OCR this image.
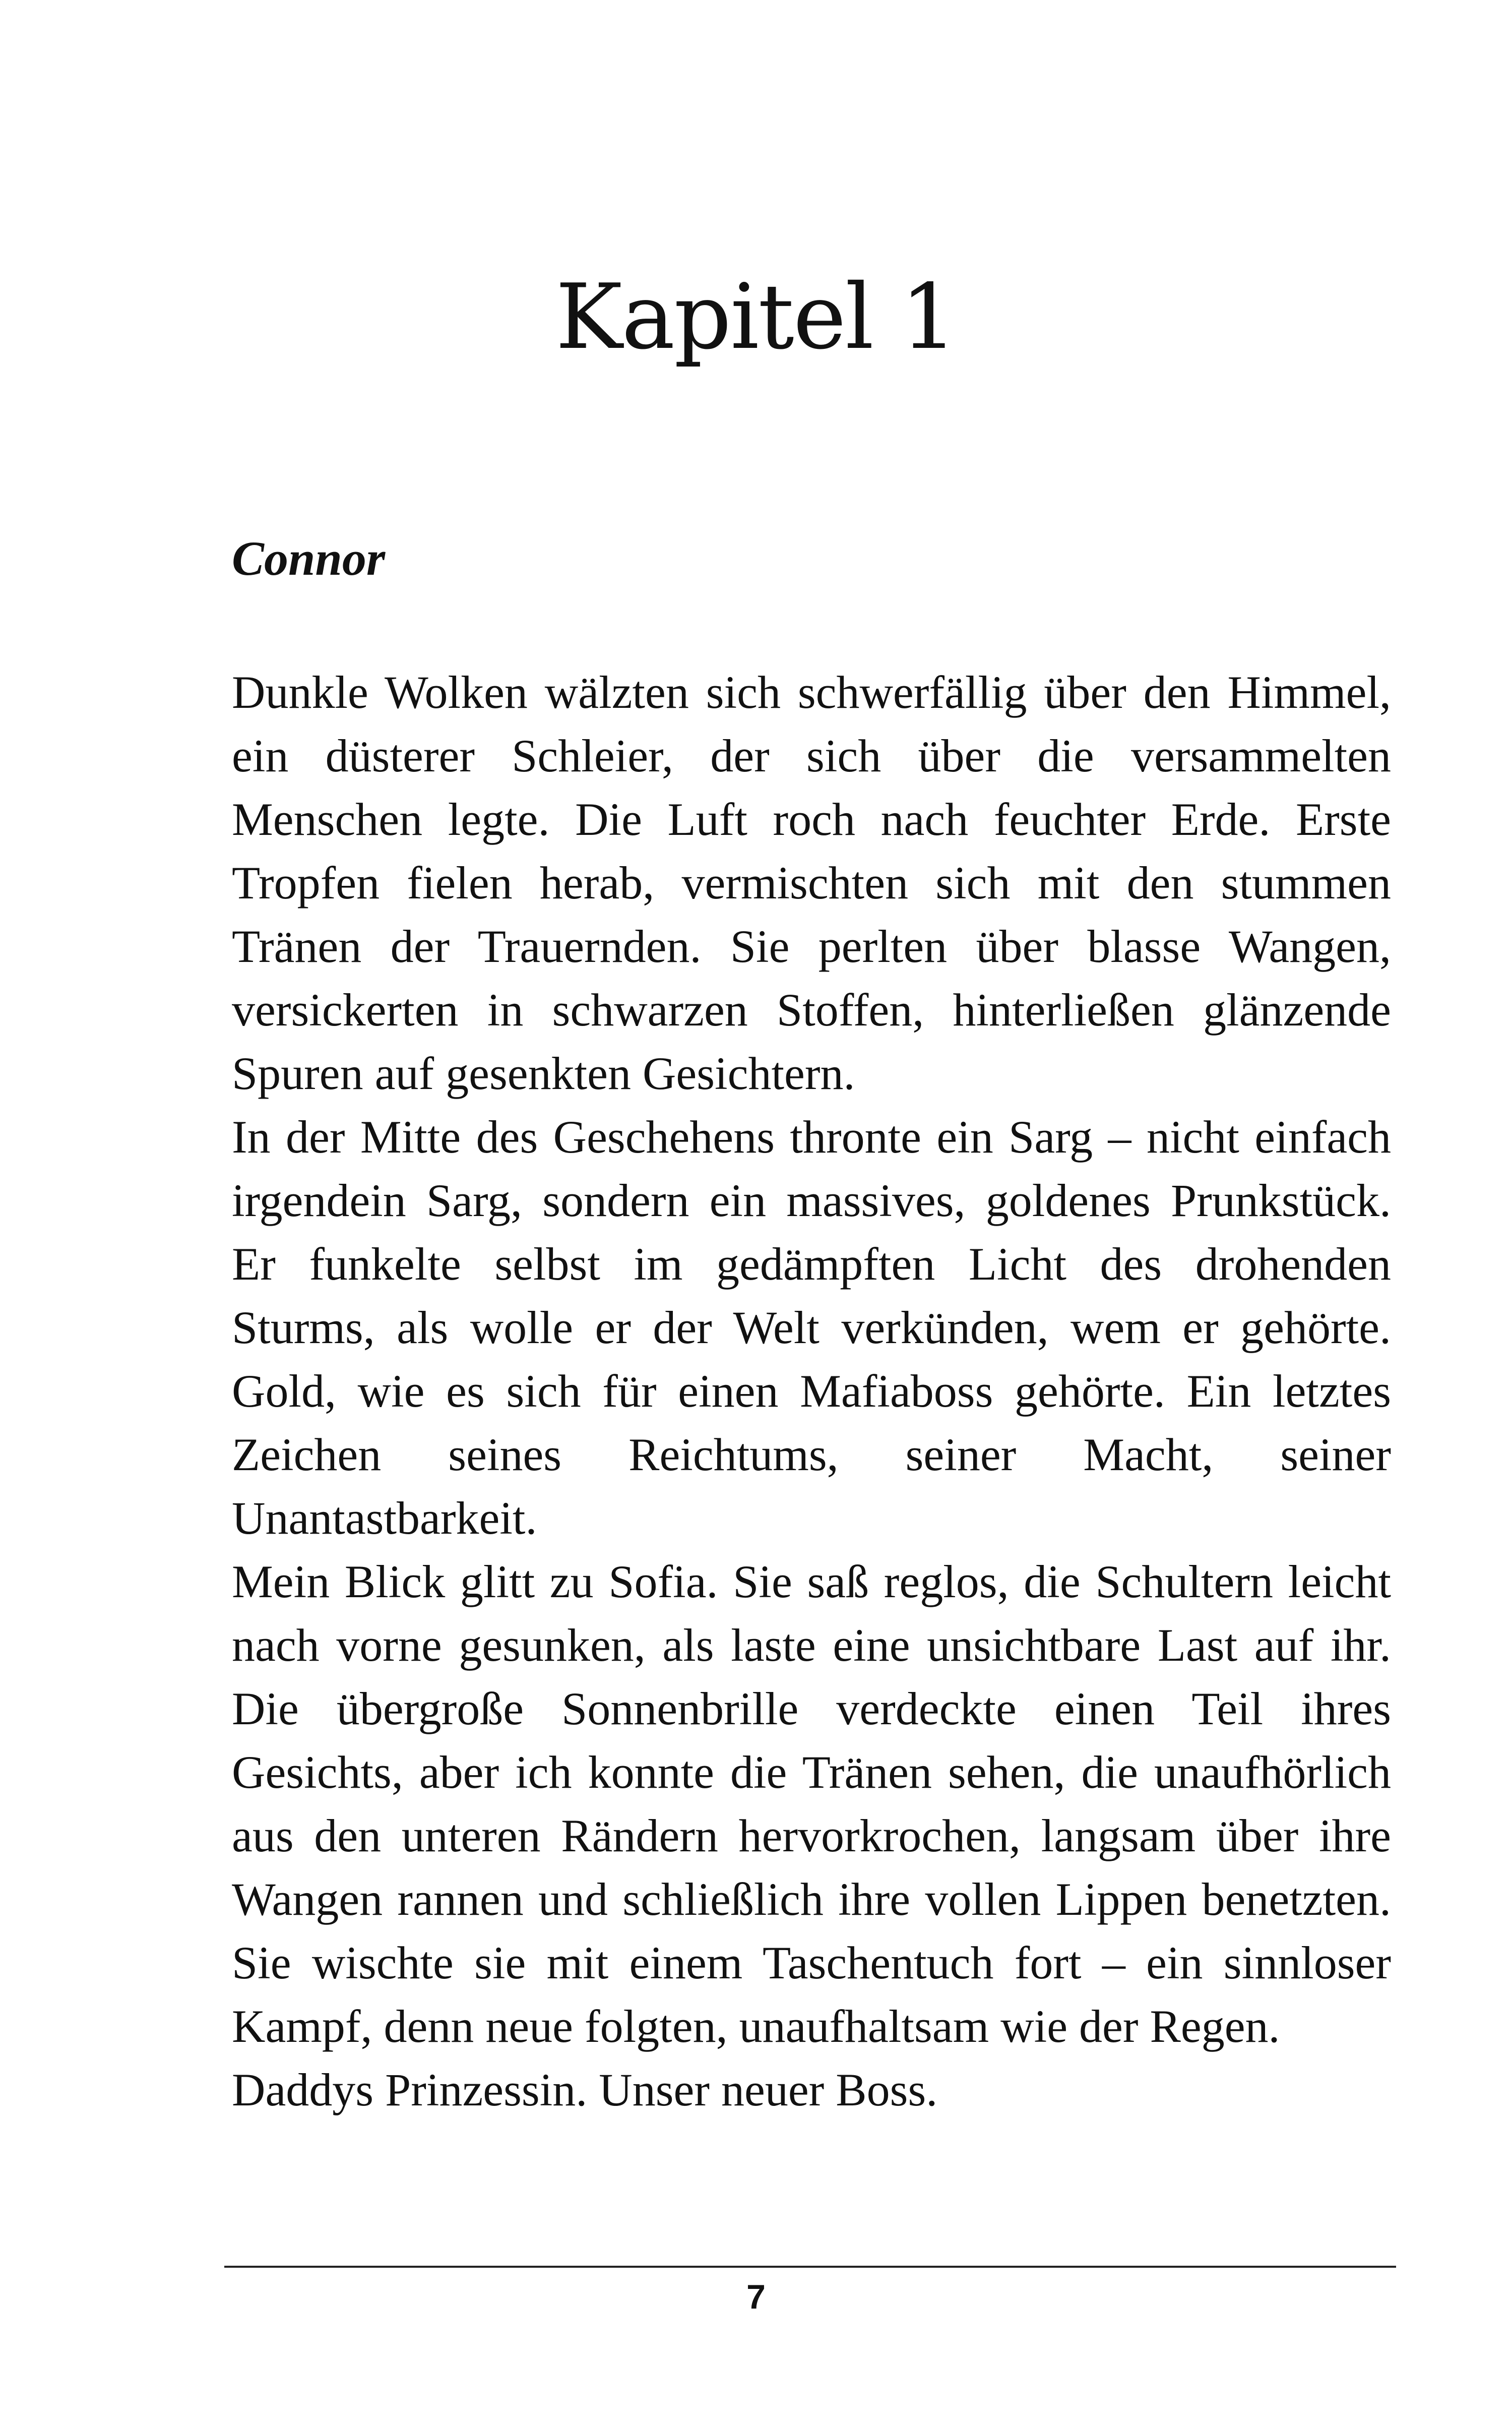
Kapitel 1
Connor

Dunkle Wolken wälzten sich schwerfällig über den Himmel, ein düsterer Schleier, der sich über die versammelten Menschen legte. Die Luft roch nach feuchter Erde. Erste Tropfen fielen herab, vermischten sich mit den stummen Tränen der Trauernden. Sie perlten über blasse Wangen, versickerten in schwarzen Stoffen, hinterließen glänzende Spuren auf gesenkten Gesichtern.

In der Mitte des Geschehens thronte ein Sarg – nicht einfach irgendein Sarg, sondern ein massives, goldenes Prunkstück. Er funkelte selbst im gedämpften Licht des drohenden Sturms, als wolle er der Welt verkünden, wem er gehörte. Gold, wie es sich für einen Mafiaboss gehörte. Ein letztes Zeichen seines Reichtums, seiner Macht, seiner Unantastbarkeit.

Mein Blick glitt zu Sofia. Sie saß reglos, die Schultern leicht nach vorne gesunken, als laste eine unsichtbare Last auf ihr. Die übergroße Sonnenbrille verdeckte einen Teil ihres Gesichts, aber ich konnte die Tränen sehen, die unaufhörlich aus den unteren Rändern hervorkrochen, langsam über ihre Wangen rannen und schließlich ihre vollen Lippen benetzten. Sie wischte sie mit einem Taschentuch fort – ein sinnloser Kampf, denn neue folgten, unaufhaltsam wie der Regen.

Daddys Prinzessin. Unser neuer Boss.

7
